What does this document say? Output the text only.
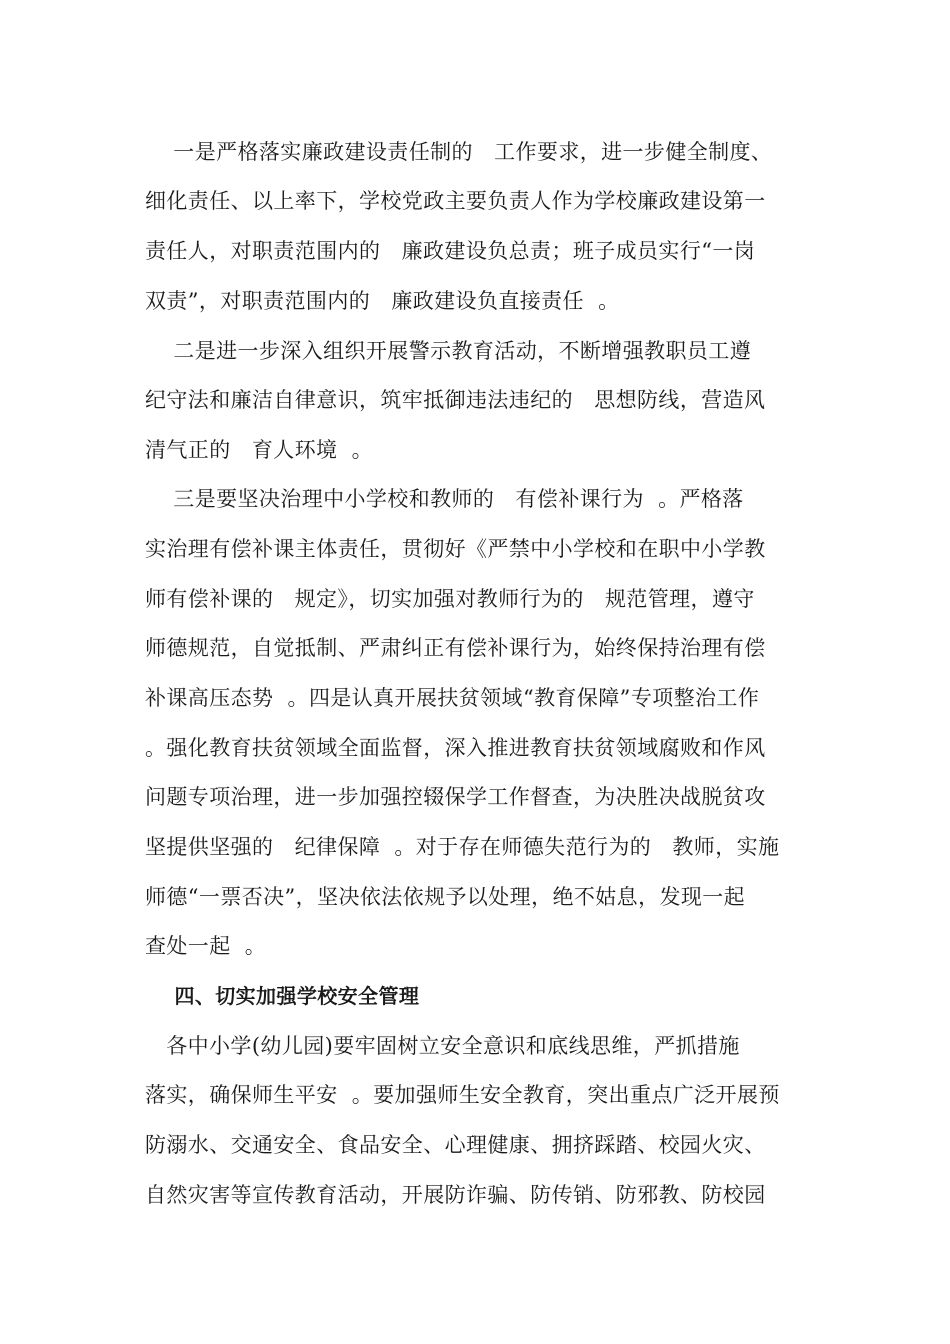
一是严格落实廉政建设责任制的   工作要求，进一步健全制度、

细化责任、以上率下，学校党政主要负责人作为学校廉政建设第一

责任人，对职责范围内的   廉政建设负总责；班子成员实行“一岗

双责”，对职责范围内的   廉政建设负直接责任  。

二是进一步深入组织开展警示教育活动，不断增强教职员工遵

纪守法和廉洁自律意识，筑牢抵御违法违纪的   思想防线，营造风

清气正的   育人环境  。

三是要坚决治理中小学校和教师的   有偿补课行为  。严格落

实治理有偿补课主体责任，贯彻好《严禁中小学校和在职中小学教

师有偿补课的   规定》，切实加强对教师行为的   规范管理，遵守

师德规范，自觉抵制、严肃纠正有偿补课行为，始终保持治理有偿

补课高压态势  。四是认真开展扶贫领域“教育保障”专项整治工作

。强化教育扶贫领域全面监督，深入推进教育扶贫领域腐败和作风

问题专项治理，进一步加强控辍保学工作督查，为决胜决战脱贫攻

坚提供坚强的   纪律保障  。对于存在师德失范行为的   教师，实施

师德“一票否决”，坚决依法依规予以处理，绝不姑息，发现一起

查处一起  。

四、切实加强学校安全管理

各中小学(幼儿园)要牢固树立安全意识和底线思维，严抓措施

落实，确保师生平安  。要加强师生安全教育，突出重点广泛开展预

防溺水、交通安全、食品安全、心理健康、拥挤踩踏、校园火灾、

自然灾害等宣传教育活动，开展防诈骗、防传销、防邪教、防校园
